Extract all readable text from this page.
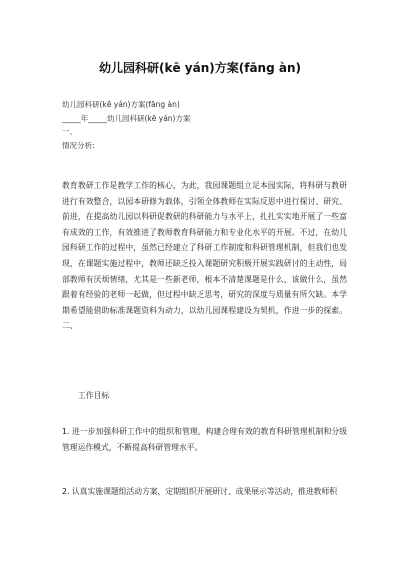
幼儿园科研(kē yán)方案(fāng àn)
幼儿园科研(kē yán)方案(fāng àn)
_____年_____幼儿园科研(kē yán)方案
一、
情况分析:
教育教研工作是教学工作的核心，为此，我园课题组立足本园实际，将科研与教研进行有效整合，以园本研修为载体，引领全体教师在实际反思中进行探讨、研究、前进，在提高幼儿园以科研促教研的科研能力与水平上，扎扎实实地开展了一些富有成效的工作，有效推进了教师教育科研能力和专业化水平的开展。不过，在幼儿园科研工作的过程中，虽然已经建立了科研工作制度和科研管理机制，但我们也发现，在课题实施过程中，教师还缺乏投入课题研究积极开展实践研讨的主动性，局部教师有厌烦情绪，尤其是一些新老师，根本不清楚课题是什么，该做什么，虽然跟着有经验的老师一起做，但过程中缺乏思考，研究的深度与质量有所欠缺。本学期希望能借助标准课题资料为动力，以幼儿园课程建设为契机，作进一步的探索。二、
工作目标
1. 进一步加强科研工作中的组织和管理，构建合理有效的教育科研管理机制和分级管理运作模式，不断提高科研管理水平。
2. 认真实施课题组活动方案，定期组织开展研讨、成果展示等活动，推进教师积
